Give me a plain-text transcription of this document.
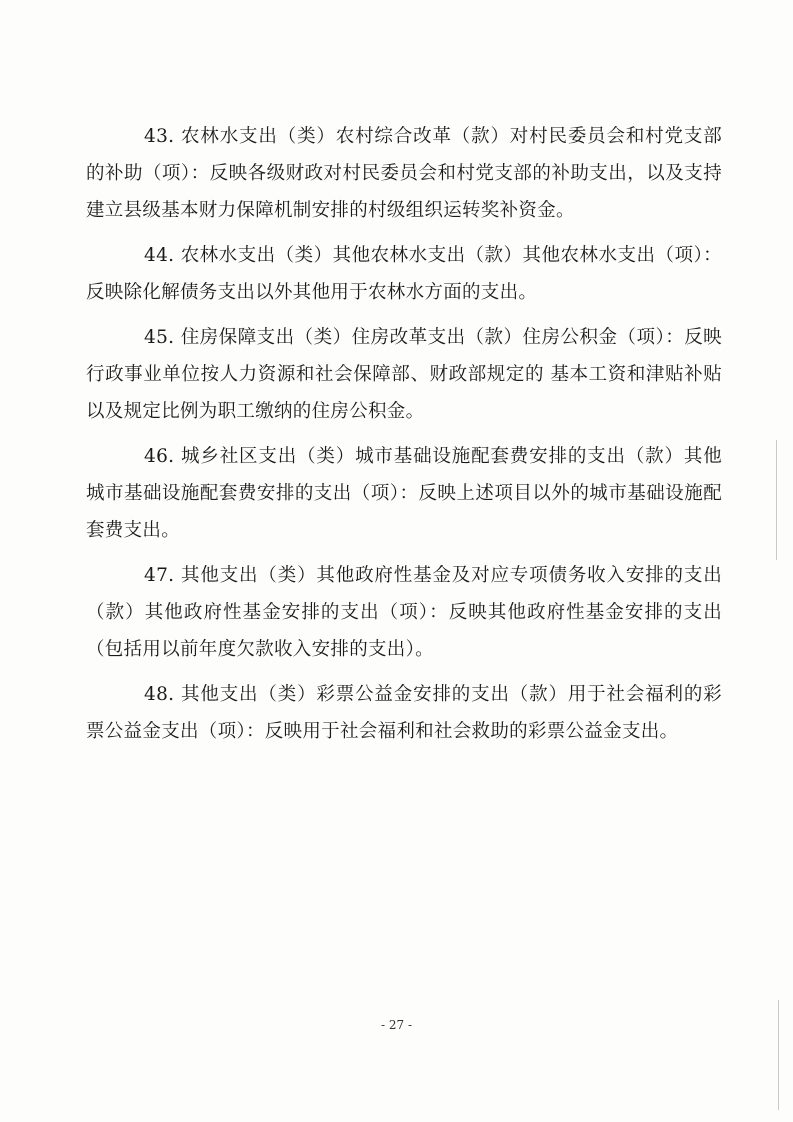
43. 农林水支出（类）农村综合改革（款）对村民委员会和村党支部的补助（项）：反映各级财政对村民委员会和村党支部的补助支出，以及支持建立县级基本财力保障机制安排的村级组织运转奖补资金。

44. 农林水支出（类）其他农林水支出（款）其他农林水支出（项）：反映除化解债务支出以外其他用于农林水方面的支出。

45. 住房保障支出（类）住房改革支出（款）住房公积金（项）：反映行政事业单位按人力资源和社会保障部、财政部规定的 基本工资和津贴补贴以及规定比例为职工缴纳的住房公积金。

46. 城乡社区支出（类）城市基础设施配套费安排的支出（款）其他城市基础设施配套费安排的支出（项）：反映上述项目以外的城市基础设施配套费支出。

47. 其他支出（类）其他政府性基金及对应专项债务收入安排的支出（款）其他政府性基金安排的支出（项）：反映其他政府性基金安排的支出（包括用以前年度欠款收入安排的支出）。

48. 其他支出（类）彩票公益金安排的支出（款）用于社会福利的彩票公益金支出（项）：反映用于社会福利和社会救助的彩票公益金支出。

- 27 -
